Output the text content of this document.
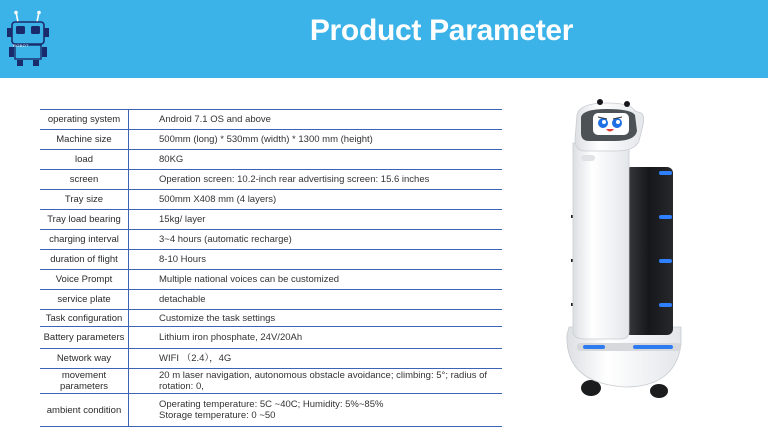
ROBOT	Product Parameter
operating system	Android 7.1 OS and above
Machine size	500mm (long) * 530mm (width) * 1300 mm (height)
load	80KG
screen	Operation screen: 10.2-inch rear advertising screen: 15.6 inches
Tray size	500mm X408 mm (4 layers)
Tray load bearing	15kg/ layer
charging interval	3~4 hours (automatic recharge)
duration of flight	8-10 Hours
Voice Prompt	Multiple national voices can be customized
service plate	detachable
Task configuration	Customize the task settings
Battery parameters	Lithium iron phosphate, 24V/20Ah
Network way	WIFI （2.4），4G
movement parameters	20 m laser navigation, autonomous obstacle avoidance; climbing: 5°; radius of rotation: 0,
ambient condition	Operating temperature: 5C ~40C; Humidity: 5%~85%
Storage temperature: 0 ~50
